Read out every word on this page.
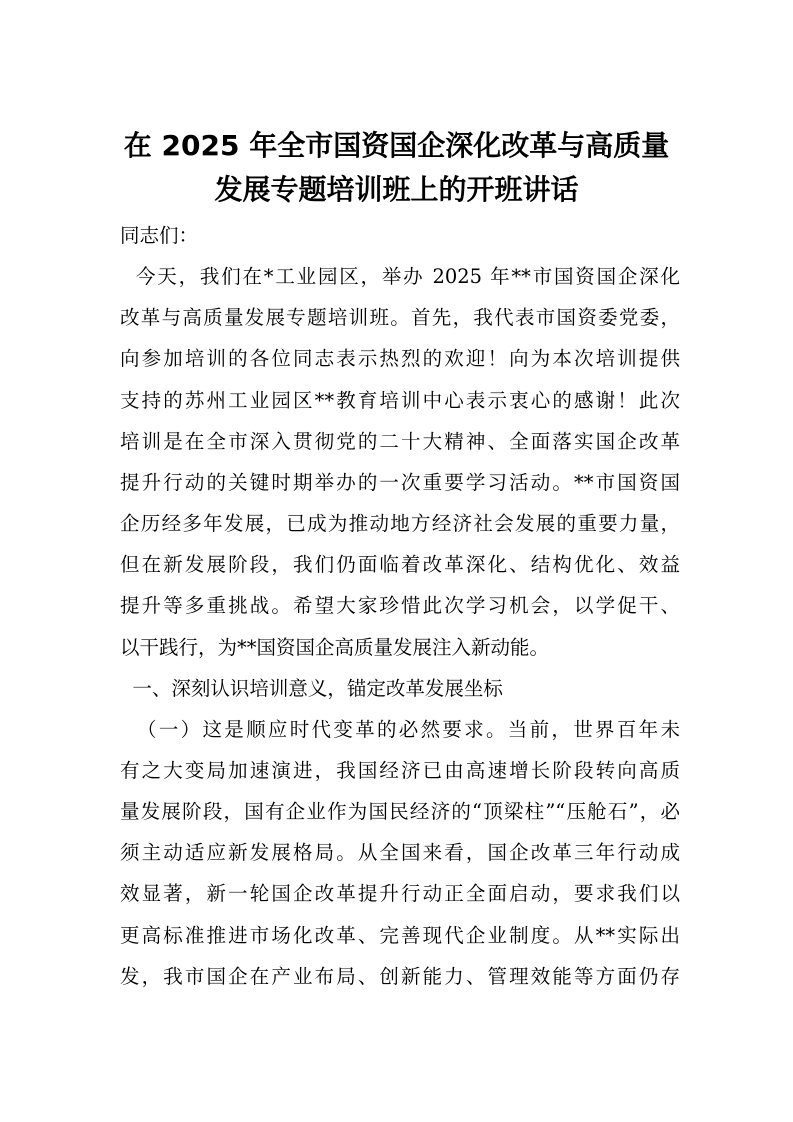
在 2025 年全市国资国企深化改革与高质量
发展专题培训班上的开班讲话

同志们：

今天，我们在*工业园区，举办 2025 年**市国资国企深化

改革与高质量发展专题培训班。首先，我代表市国资委党委，

向参加培训的各位同志表示热烈的欢迎！向为本次培训提供

支持的苏州工业园区**教育培训中心表示衷心的感谢！此次

培训是在全市深入贯彻党的二十大精神、全面落实国企改革

提升行动的关键时期举办的一次重要学习活动。**市国资国

企历经多年发展，已成为推动地方经济社会发展的重要力量，

但在新发展阶段，我们仍面临着改革深化、结构优化、效益

提升等多重挑战。希望大家珍惜此次学习机会，以学促干、

以干践行，为**国资国企高质量发展注入新动能。

一、深刻认识培训意义，锚定改革发展坐标

（一）这是顺应时代变革的必然要求。当前，世界百年未

有之大变局加速演进，我国经济已由高速增长阶段转向高质

量发展阶段，国有企业作为国民经济的“顶梁柱”“压舱石”，必

须主动适应新发展格局。从全国来看，国企改革三年行动成

效显著，新一轮国企改革提升行动正全面启动，要求我们以

更高标准推进市场化改革、完善现代企业制度。从**实际出

发，我市国企在产业布局、创新能力、管理效能等方面仍存
